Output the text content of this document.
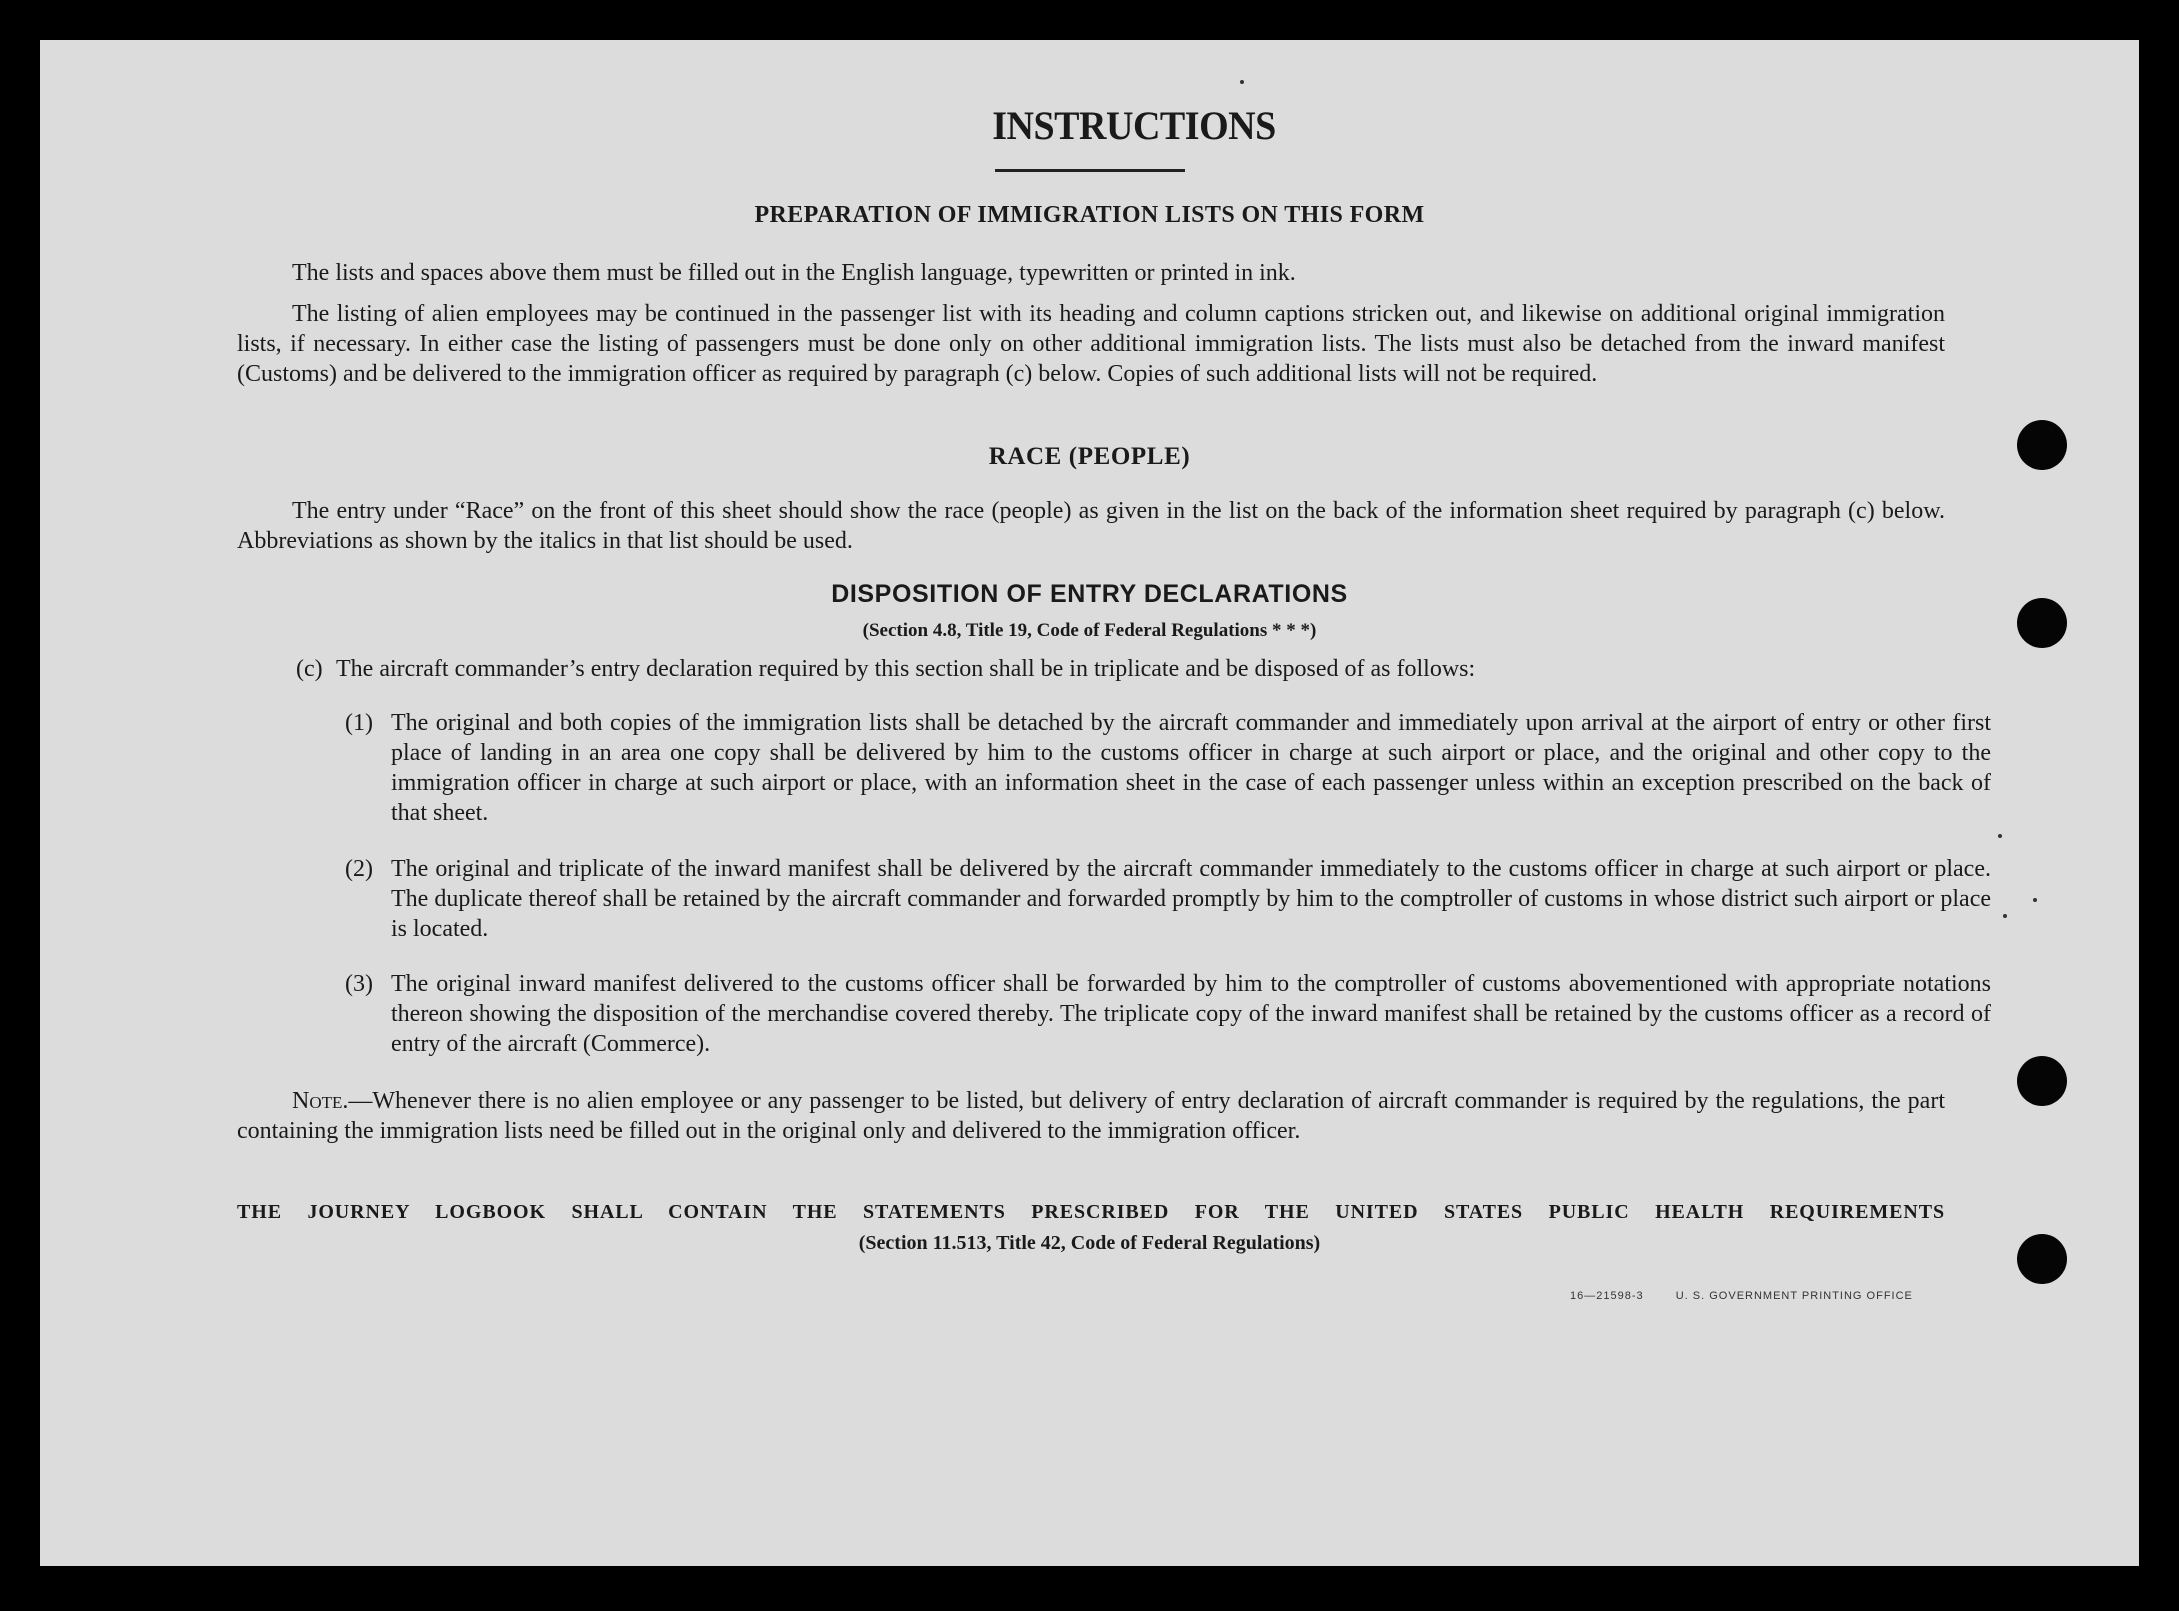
INSTRUCTIONS
PREPARATION OF IMMIGRATION LISTS ON THIS FORM
The lists and spaces above them must be filled out in the English language, typewritten or printed in ink.
The listing of alien employees may be continued in the passenger list with its heading and column captions stricken out, and likewise on additional original immigration lists, if necessary. In either case the listing of passengers must be done only on other additional immigration lists. The lists must also be detached from the inward manifest (Customs) and be delivered to the immigration officer as required by paragraph (c) below. Copies of such additional lists will not be required.
RACE (PEOPLE)
The entry under “Race” on the front of this sheet should show the race (people) as given in the list on the back of the information sheet required by paragraph (c) below. Abbreviations as shown by the italics in that list should be used.
DISPOSITION OF ENTRY DECLARATIONS
(Section 4.8, Title 19, Code of Federal Regulations * * *)
(c) The aircraft commander’s entry declaration required by this section shall be in triplicate and be disposed of as follows:
(1) The original and both copies of the immigration lists shall be detached by the aircraft commander and immediately upon arrival at the airport of entry or other first place of landing in an area one copy shall be delivered by him to the customs officer in charge at such airport or place, and the original and other copy to the immigration officer in charge at such airport or place, with an information sheet in the case of each passenger unless within an exception prescribed on the back of that sheet.
(2) The original and triplicate of the inward manifest shall be delivered by the aircraft commander immediately to the customs officer in charge at such airport or place. The duplicate thereof shall be retained by the aircraft commander and forwarded promptly by him to the comptroller of customs in whose district such airport or place is located.
(3) The original inward manifest delivered to the customs officer shall be forwarded by him to the comptroller of customs abovementioned with appropriate notations thereon showing the disposition of the merchandise covered thereby. The triplicate copy of the inward manifest shall be retained by the customs officer as a record of entry of the aircraft (Commerce).
Note.—Whenever there is no alien employee or any passenger to be listed, but delivery of entry declaration of aircraft commander is required by the regulations, the part containing the immigration lists need be filled out in the original only and delivered to the immigration officer.
THE JOURNEY LOGBOOK SHALL CONTAIN THE STATEMENTS PRESCRIBED FOR THE UNITED STATES PUBLIC HEALTH REQUIREMENTS
(Section 11.513, Title 42, Code of Federal Regulations)
16—21598-3	U. S. GOVERNMENT PRINTING OFFICE
